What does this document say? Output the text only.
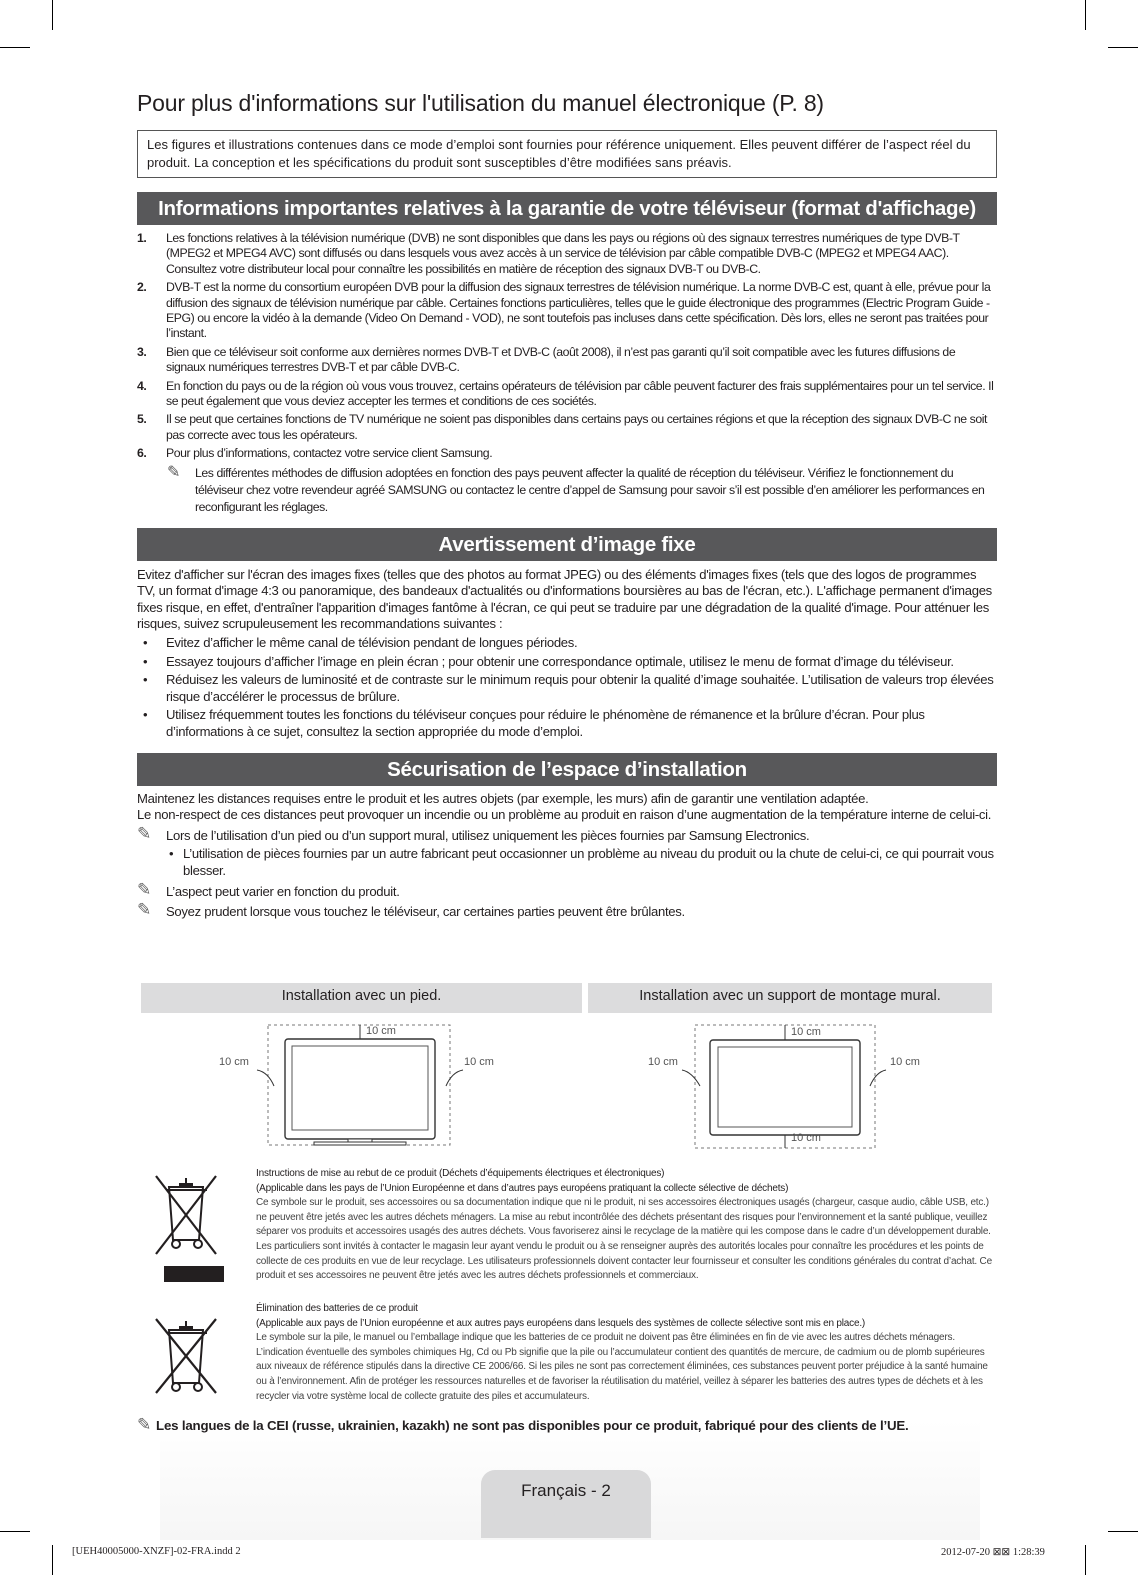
Pour plus d'informations sur l'utilisation du manuel électronique (P. 8)
Les figures et illustrations contenues dans ce mode d’emploi sont fournies pour référence uniquement. Elles peuvent différer de l’aspect réel du produit. La conception et les spécifications du produit sont susceptibles d’être modifiées sans préavis.
Informations importantes relatives à la garantie de votre téléviseur (format d'affichage)
1. Les fonctions relatives à la télévision numérique (DVB) ne sont disponibles que dans les pays ou régions où des signaux terrestres numériques de type DVB-T (MPEG2 et MPEG4 AVC) sont diffusés ou dans lesquels vous avez accès à un service de télévision par câble compatible DVB-C (MPEG2 et MPEG4 AAC). Consultez votre distributeur local pour connaître les possibilités en matière de réception des signaux DVB-T ou DVB-C.
2. DVB-T est la norme du consortium européen DVB pour la diffusion des signaux terrestres de télévision numérique. La norme DVB-C est, quant à elle, prévue pour la diffusion des signaux de télévision numérique par câble. Certaines fonctions particulières, telles que le guide électronique des programmes (Electric Program Guide - EPG) ou encore la vidéo à la demande (Video On Demand - VOD), ne sont toutefois pas incluses dans cette spécification. Dès lors, elles ne seront pas traitées pour l’instant.
3. Bien que ce téléviseur soit conforme aux dernières normes DVB-T et DVB-C (août 2008), il n’est pas garanti qu’il soit compatible avec les futures diffusions de signaux numériques terrestres DVB-T et par câble DVB-C.
4. En fonction du pays ou de la région où vous vous trouvez, certains opérateurs de télévision par câble peuvent facturer des frais supplémentaires pour un tel service. Il se peut également que vous deviez accepter les termes et conditions de ces sociétés.
5. Il se peut que certaines fonctions de TV numérique ne soient pas disponibles dans certains pays ou certaines régions et que la réception des signaux DVB-C ne soit pas correcte avec tous les opérateurs.
6. Pour plus d’informations, contactez votre service client Samsung.
✎ Les différentes méthodes de diffusion adoptées en fonction des pays peuvent affecter la qualité de réception du téléviseur. Vérifiez le fonctionnement du téléviseur chez votre revendeur agréé SAMSUNG ou contactez le centre d’appel de Samsung pour savoir s’il est possible d’en améliorer les performances en reconfigurant les réglages.
Avertissement d’image fixe

Evitez d'afficher sur l'écran des images fixes (telles que des photos au format JPEG) ou des éléments d'images fixes (tels que des logos de programmes TV, un format d'image 4:3 ou panoramique, des bandeaux d'actualités ou d'informations boursières au bas de l'écran, etc.). L'affichage permanent d'images fixes risque, en effet, d'entraîner l'apparition d'images fantôme à l'écran, ce qui peut se traduire par une dégradation de la qualité d'image. Pour atténuer les risques, suivez scrupuleusement les recommandations suivantes :

• Evitez d’afficher le même canal de télévision pendant de longues périodes.
• Essayez toujours d’afficher l’image en plein écran ; pour obtenir une correspondance optimale, utilisez le menu de format d’image du téléviseur.
• Réduisez les valeurs de luminosité et de contraste sur le minimum requis pour obtenir la qualité d’image souhaitée. L’utilisation de valeurs trop élevées risque d’accélérer le processus de brûlure.
• Utilisez fréquemment toutes les fonctions du téléviseur conçues pour réduire le phénomène de rémanence et la brûlure d’écran. Pour plus d’informations à ce sujet, consultez la section appropriée du mode d’emploi.
Sécurisation de l’espace d’installation

Maintenez les distances requises entre le produit et les autres objets (par exemple, les murs) afin de garantir une ventilation adaptée.

Le non-respect de ces distances peut provoquer un incendie ou un problème au produit en raison d’une augmentation de la température interne de celui-ci.

✎ Lors de l’utilisation d’un pied ou d’un support mural, utilisez uniquement les pièces fournies par Samsung Electronics.
• L’utilisation de pièces fournies par un autre fabricant peut occasionner un problème au niveau du produit ou la chute de celui-ci, ce qui pourrait vous blesser.
✎ L’aspect peut varier en fonction du produit.
✎ Soyez prudent lorsque vous touchez le téléviseur, car certaines parties peuvent être brûlantes.
Installation avec un pied.	Installation avec un support de montage mural.
10 cm
10 cm	10 cm
10 cm
10 cm	10 cm
10 cm
Instructions de mise au rebut de ce produit (Déchets d’équipements électriques et électroniques)
(Applicable dans les pays de l’Union Européenne et dans d’autres pays européens pratiquant la collecte sélective de déchets)
Ce symbole sur le produit, ses accessoires ou sa documentation indique que ni le produit, ni ses accessoires électroniques usagés (chargeur, casque audio, câble USB, etc.) ne peuvent être jetés avec les autres déchets ménagers. La mise au rebut incontrôlée des déchets présentant des risques pour l’environnement et la santé publique, veuillez séparer vos produits et accessoires usagés des autres déchets. Vous favoriserez ainsi le recyclage de la matière qui les compose dans le cadre d’un développement durable. Les particuliers sont invités à contacter le magasin leur ayant vendu le produit ou à se renseigner auprès des autorités locales pour connaître les procédures et les points de collecte de ces produits en vue de leur recyclage. Les utilisateurs professionnels doivent contacter leur fournisseur et consulter les conditions générales du contrat d’achat. Ce produit et ses accessoires ne peuvent être jetés avec les autres déchets professionnels et commerciaux.
Élimination des batteries de ce produit
(Applicable aux pays de l’Union européenne et aux autres pays européens dans lesquels des systèmes de collecte sélective sont mis en place.)
Le symbole sur la pile, le manuel ou l’emballage indique que les batteries de ce produit ne doivent pas être éliminées en fin de vie avec les autres déchets ménagers. L’indication éventuelle des symboles chimiques Hg, Cd ou Pb signifie que la pile ou l’accumulateur contient des quantités de mercure, de cadmium ou de plomb supérieures aux niveaux de référence stipulés dans la directive CE 2006/66. Si les piles ne sont pas correctement éliminées, ces substances peuvent porter préjudice à la santé humaine ou à l’environnement. Afin de protéger les ressources naturelles et de favoriser la réutilisation du matériel, veillez à séparer les batteries des autres types de déchets et à les recycler via votre système local de collecte gratuite des piles et accumulateurs.
✎ Les langues de la CEI (russe, ukrainien, kazakh) ne sont pas disponibles pour ce produit, fabriqué pour des clients de l’UE.
Français - 2
[UEH40005000-XNZF]-02-FRA.indd 2	2012-07-20 ⊠⊠ 1:28:39
